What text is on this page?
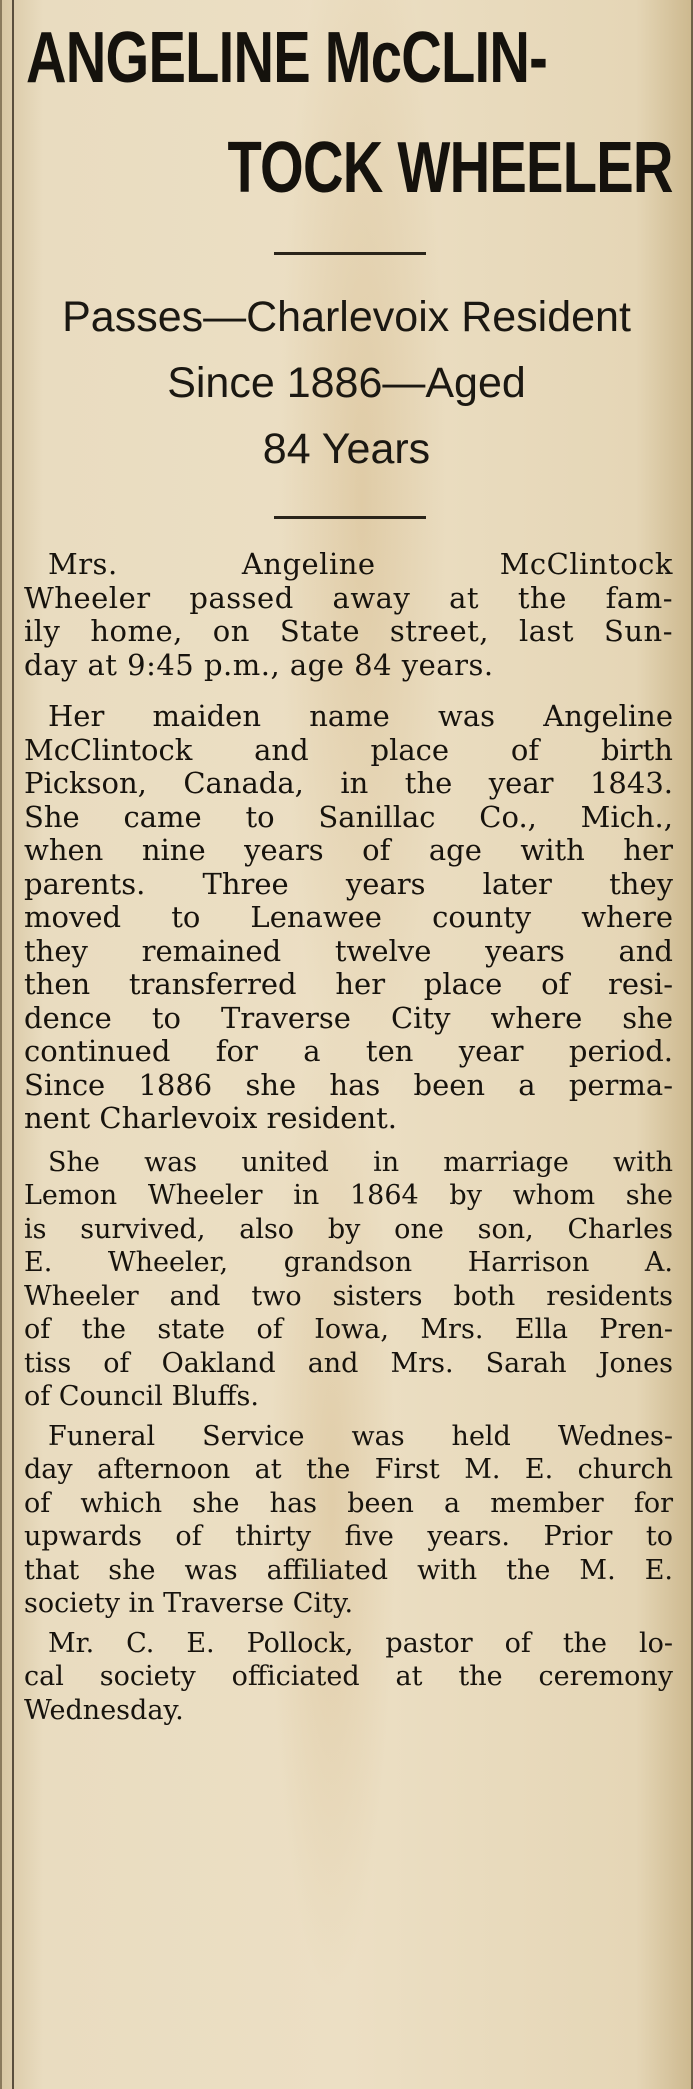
ANGELINE McCLIN-
TOCK WHEELER
Passes—Charlevoix Resident
Since 1886—Aged
84 Years
Mrs. Angeline McClintock
Wheeler passed away at the fam-
ily home, on State street, last Sun-
day at 9:45 p.m., age 84 years.
Her maiden name was Angeline
McClintock and place of birth
Pickson, Canada, in the year 1843.
She came to Sanillac Co., Mich.,
when nine years of age with her
parents. Three years later they
moved to Lenawee county where
they remained twelve years and
then transferred her place of resi-
dence to Traverse City where she
continued for a ten year period.
Since 1886 she has been a perma-
nent Charlevoix resident.
She was united in marriage with
Lemon Wheeler in 1864 by whom she
is survived, also by one son, Charles
E. Wheeler, grandson Harrison A.
Wheeler and two sisters both residents
of the state of Iowa, Mrs. Ella Pren-
tiss of Oakland and Mrs. Sarah Jones
of Council Bluffs.
Funeral Service was held Wednes-
day afternoon at the First M. E. church
of which she has been a member for
upwards of thirty five years. Prior to
that she was affiliated with the M. E.
society in Traverse City.
Mr. C. E. Pollock, pastor of the lo-
cal society officiated at the ceremony
Wednesday.
